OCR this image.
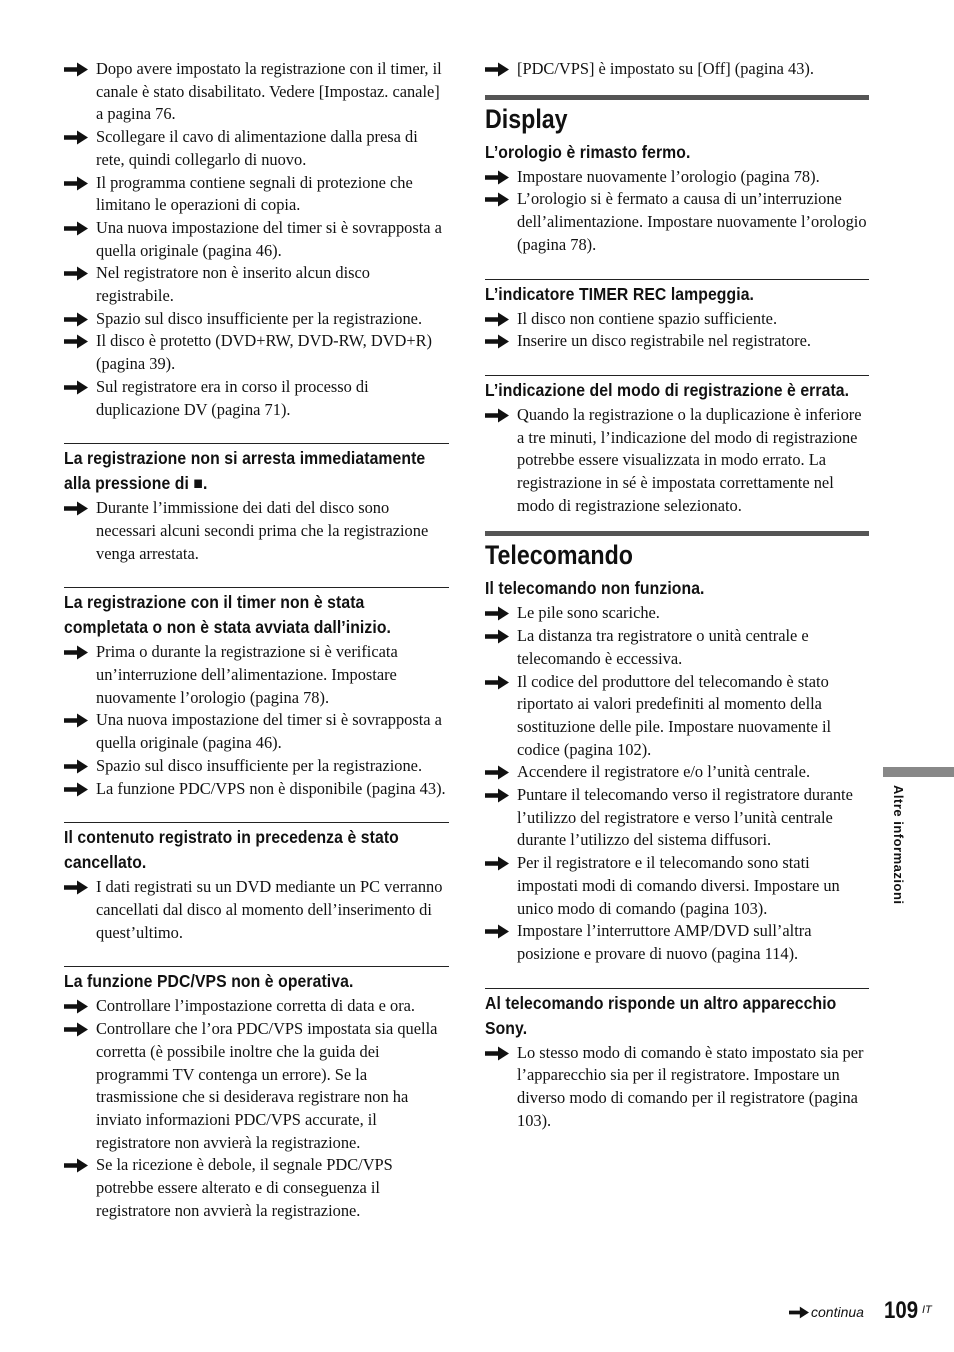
Dopo avere impostato la registrazione con il timer, il canale è stato disabilitato. Vedere [Impostaz. canale] a pagina 76.
Scollegare il cavo di alimentazione dalla presa di rete, quindi collegarlo di nuovo.
Il programma contiene segnali di protezione che limitano le operazioni di copia.
Una nuova impostazione del timer si è sovrapposta a quella originale (pagina 46).
Nel registratore non è inserito alcun disco registrabile.
Spazio sul disco insufficiente per la registrazione.
Il disco è protetto (DVD+RW, DVD-RW, DVD+R) (pagina 39).
Sul registratore era in corso il processo di duplicazione DV (pagina 71).
La registrazione non si arresta immediatamente alla pressione di ■.
Durante l’immissione dei dati del disco sono necessari alcuni secondi prima che la registrazione venga arrestata.
La registrazione con il timer non è stata completata o non è stata avviata dall’inizio.
Prima o durante la registrazione si è verificata un’interruzione dell’alimentazione. Impostare nuovamente l’orologio (pagina 78).
Una nuova impostazione del timer si è sovrapposta a quella originale (pagina 46).
Spazio sul disco insufficiente per la registrazione.
La funzione PDC/VPS non è disponibile (pagina 43).
Il contenuto registrato in precedenza è stato cancellato.
I dati registrati su un DVD mediante un PC verranno cancellati dal disco al momento dell’inserimento di quest’ultimo.
La funzione PDC/VPS non è operativa.
Controllare l’impostazione corretta di data e ora.
Controllare che l’ora PDC/VPS impostata sia quella corretta (è possibile inoltre che la guida dei programmi TV contenga un errore). Se la trasmissione che si desiderava registrare non ha inviato informazioni PDC/VPS accurate, il registratore non avvierà la registrazione.
Se la ricezione è debole, il segnale PDC/VPS potrebbe essere alterato e di conseguenza il registratore non avvierà la registrazione.
[PDC/VPS] è impostato su [Off] (pagina 43).
Display
L’orologio è rimasto fermo.
Impostare nuovamente l’orologio (pagina 78).
L’orologio si è fermato a causa di un’interruzione dell’alimentazione. Impostare nuovamente l’orologio (pagina 78).
L’indicatore TIMER REC lampeggia.
Il disco non contiene spazio sufficiente.
Inserire un disco registrabile nel registratore.
L’indicazione del modo di registrazione è errata.
Quando la registrazione o la duplicazione è inferiore a tre minuti, l’indicazione del modo di registrazione potrebbe essere visualizzata in modo errato. La registrazione in sé è impostata correttamente nel modo di registrazione selezionato.
Telecomando
Il telecomando non funziona.
Le pile sono scariche.
La distanza tra registratore o unità centrale e telecomando è eccessiva.
Il codice del produttore del telecomando è stato riportato ai valori predefiniti al momento della sostituzione delle pile. Impostare nuovamente il codice (pagina 102).
Accendere il registratore e/o l’unità centrale.
Puntare il telecomando verso il registratore durante l’utilizzo del registratore e verso l’unità centrale durante l’utilizzo del sistema diffusori.
Per il registratore e il telecomando sono stati impostati modi di comando diversi. Impostare un unico modo di comando (pagina 103).
Impostare l’interruttore AMP/DVD sull’altra posizione e provare di nuovo (pagina 114).
Al telecomando risponde un altro apparecchio Sony.
Lo stesso modo di comando è stato impostato sia per l’apparecchio sia per il registratore. Impostare un diverso modo di comando per il registratore (pagina 103).
Altre informazioni
continua 109 IT
